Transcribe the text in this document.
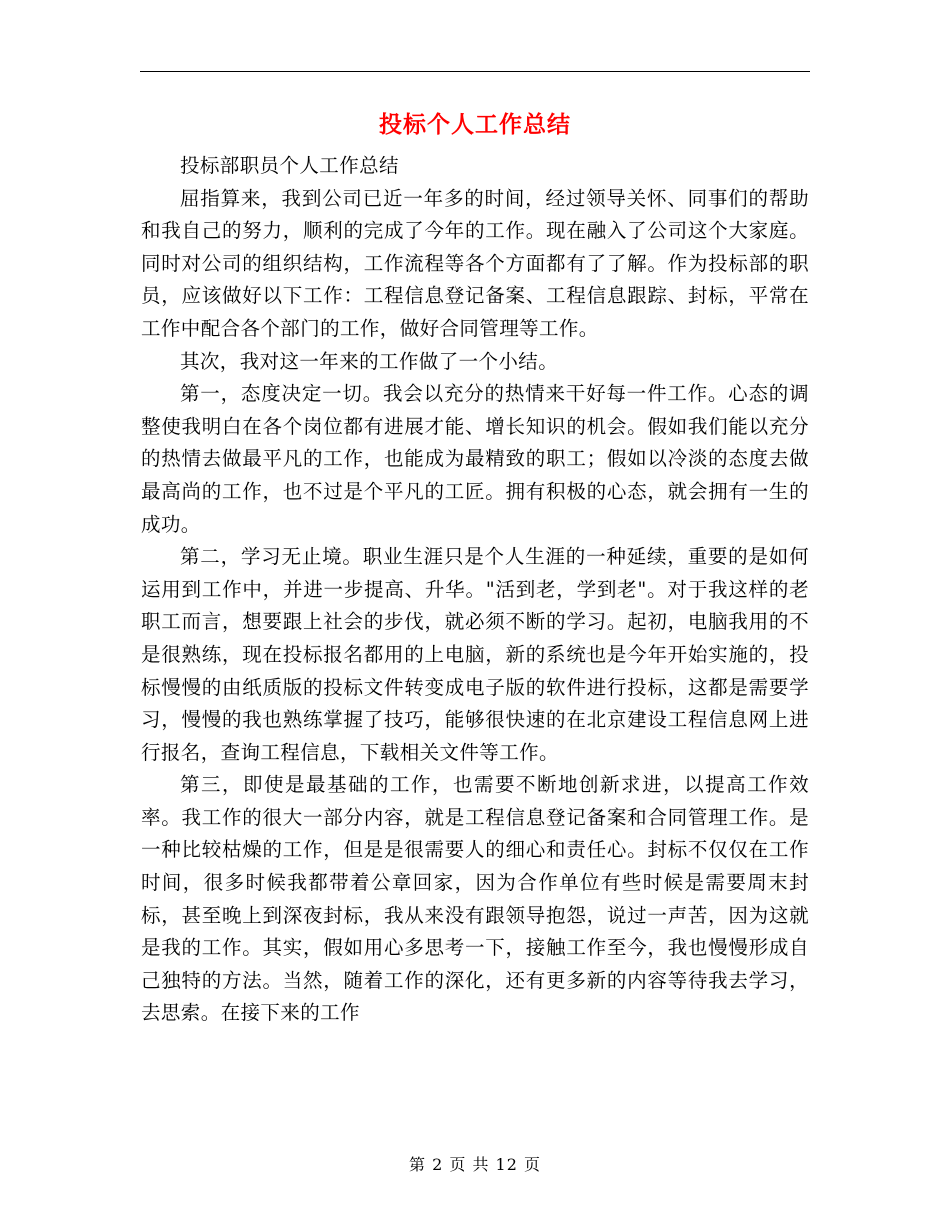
投标个人工作总结

投标部职员个人工作总结

屈指算来，我到公司已近一年多的时间，经过领导关怀、同事们的帮助和我自己的努力，顺利的完成了今年的工作。现在融入了公司这个大家庭。同时对公司的组织结构，工作流程等各个方面都有了了解。作为投标部的职员，应该做好以下工作：工程信息登记备案、工程信息跟踪、封标，平常在工作中配合各个部门的工作，做好合同管理等工作。

其次，我对这一年来的工作做了一个小结。

第一，态度决定一切。我会以充分的热情来干好每一件工作。心态的调整使我明白在各个岗位都有进展才能、增长知识的机会。假如我们能以充分的热情去做最平凡的工作，也能成为最精致的职工；假如以冷淡的态度去做最高尚的工作，也不过是个平凡的工匠。拥有积极的心态，就会拥有一生的成功。

第二，学习无止境。职业生涯只是个人生涯的一种延续，重要的是如何运用到工作中，并进一步提高、升华。"活到老，学到老"。对于我这样的老职工而言，想要跟上社会的步伐，就必须不断的学习。起初，电脑我用的不是很熟练，现在投标报名都用的上电脑，新的系统也是今年开始实施的，投标慢慢的由纸质版的投标文件转变成电子版的软件进行投标，这都是需要学习，慢慢的我也熟练掌握了技巧，能够很快速的在北京建设工程信息网上进行报名，查询工程信息，下载相关文件等工作。

第三，即使是最基础的工作，也需要不断地创新求进，以提高工作效率。我工作的很大一部分内容，就是工程信息登记备案和合同管理工作。是一种比较枯燥的工作，但是是很需要人的细心和责任心。封标不仅仅在工作时间，很多时候我都带着公章回家，因为合作单位有些时候是需要周末封标，甚至晚上到深夜封标，我从来没有跟领导抱怨，说过一声苦，因为这就是我的工作。其实，假如用心多思考一下，接触工作至今，我也慢慢形成自己独特的方法。当然，随着工作的深化，还有更多新的内容等待我去学习，去思索。在接下来的工作

第 2 页 共 12 页
